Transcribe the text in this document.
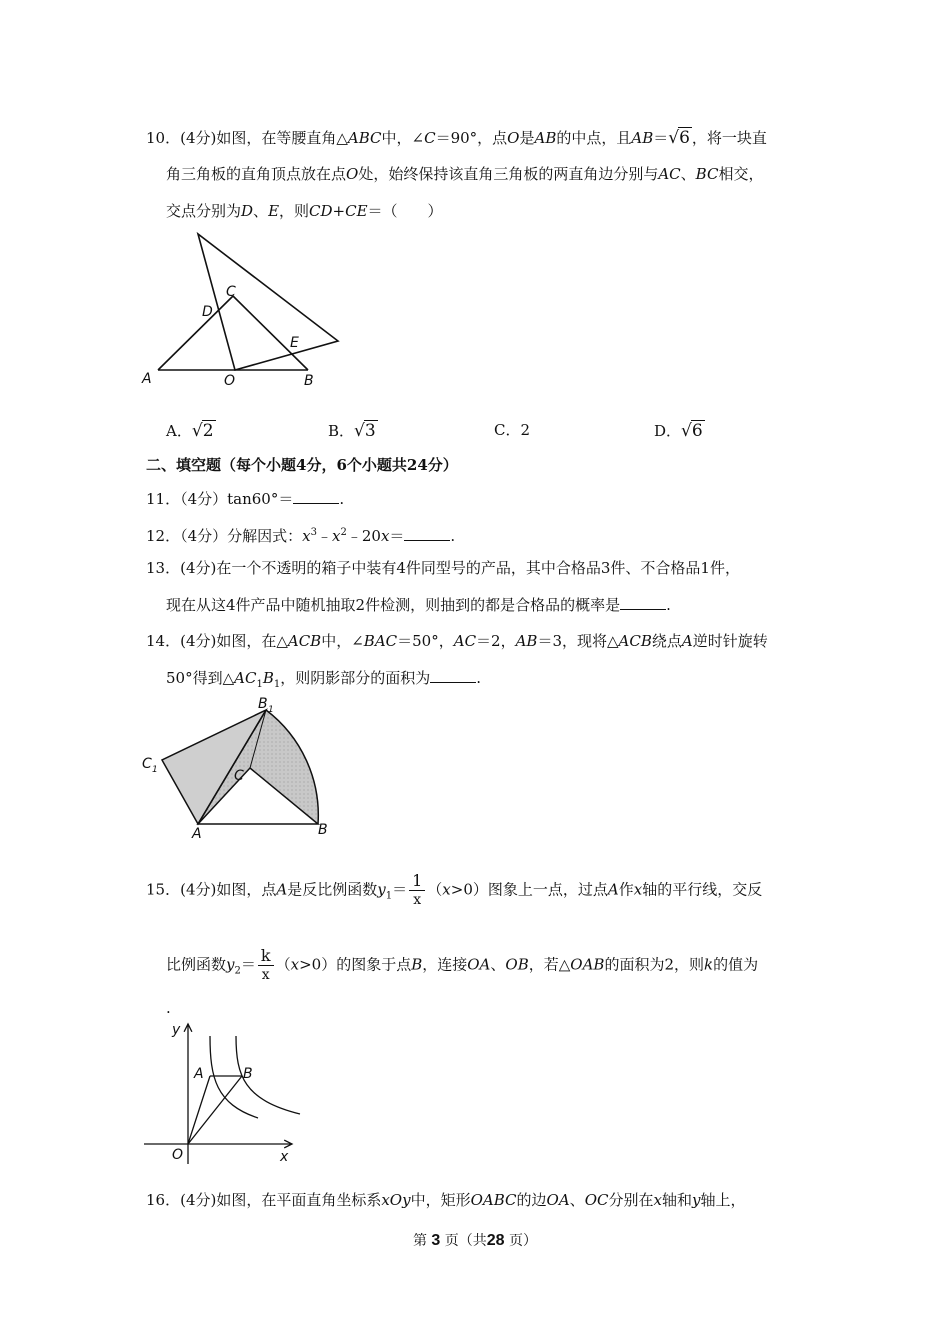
10．(4分)如图，在等腰直角△ABC中，∠C＝90°，点O是AB的中点，且AB＝√6 ，将一块直
角三角板的直角顶点放在点O处，始终保持该直角三角板的两直角边分别与AC、BC相交，
交点分别为D、E，则CD+CE＝（　　）
A	O	B
C
D
E
A．√2	B．√3	C．2	D．√6
二、填空题（每个小题4分，6个小题共24分）
11．（4分）tan60°＝	.
12．（4分）分解因式：$x^3﹣x^2﹣20x=$	.
13．(4分)在一个不透明的箱子中装有4件同型号的产品，其中合格品3件、不合格品1件，
现在从这4件产品中随机抽取2件检测，则抽到的都是合格品的概率是	.
14．(4分)如图，在△ACB中，∠BAC＝50°，AC＝2，AB＝3，现将△ACB绕点A逆时针旋转
50°得到$\triangle AC_1B_1$，则阴影部分的面积为	.
B 1
C 1	C
A	B
15．(4分)如图，点A是反比例函数$y_1= \frac{1}{x} (x>0)$图象上一点，过点A作x轴的平行线，交反
比例函数$y_2= \frac{k}{x} (x>0)$的图象于点B，连接OA、OB，若△OAB的面积为2，则k的值为
.
y
A	B
O	x
16．(4分)如图，在平面直角坐标系xOy中，矩形OABC的边OA、OC分别在x轴和y轴上，
第 3 页（共28 页）
